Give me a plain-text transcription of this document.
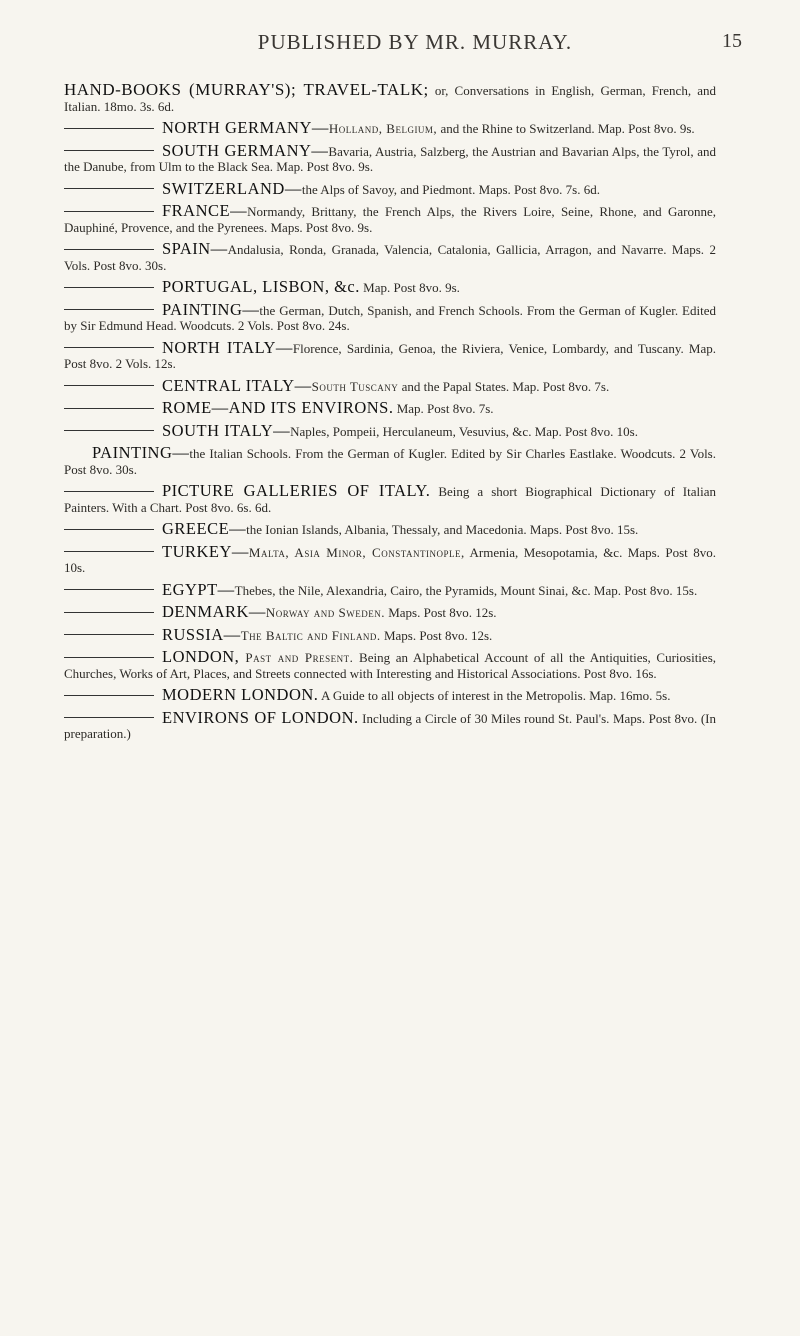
PUBLISHED BY MR. MURRAY.	15

HAND-BOOKS (MURRAY'S); TRAVEL-TALK; or, Conversations in English, German, French, and Italian. 18mo. 3s. 6d.

NORTH GERMANY—Holland, Belgium, and the Rhine to Switzerland. Map. Post 8vo. 9s.

SOUTH GERMANY—Bavaria, Austria, Salzberg, the Austrian and Bavarian Alps, the Tyrol, and the Danube, from Ulm to the Black Sea. Map. Post 8vo. 9s.

SWITZERLAND—the Alps of Savoy, and Piedmont. Maps. Post 8vo. 7s. 6d.

FRANCE—Normandy, Brittany, the French Alps, the Rivers Loire, Seine, Rhone, and Garonne, Dauphiné, Provence, and the Pyrenees. Maps. Post 8vo. 9s.

SPAIN—Andalusia, Ronda, Granada, Valencia, Catalonia, Gallicia, Arragon, and Navarre. Maps. 2 Vols. Post 8vo. 30s.

PORTUGAL, LISBON, &c. Map. Post 8vo. 9s.

PAINTING—the German, Dutch, Spanish, and French Schools. From the German of Kugler. Edited by Sir Edmund Head. Woodcuts. 2 Vols. Post 8vo. 24s.

NORTH ITALY—Florence, Sardinia, Genoa, the Riviera, Venice, Lombardy, and Tuscany. Map. Post 8vo. 2 Vols. 12s.

CENTRAL ITALY—South Tuscany and the Papal States. Map. Post 8vo. 7s.

ROME—AND ITS ENVIRONS. Map. Post 8vo. 7s.

SOUTH ITALY—Naples, Pompeii, Herculaneum, Vesuvius, &c. Map. Post 8vo. 10s.

PAINTING—the Italian Schools. From the German of Kugler. Edited by Sir Charles Eastlake. Woodcuts. 2 Vols. Post 8vo. 30s.

PICTURE GALLERIES OF ITALY. Being a short Biographical Dictionary of Italian Painters. With a Chart. Post 8vo. 6s. 6d.

GREECE—the Ionian Islands, Albania, Thessaly, and Macedonia. Maps. Post 8vo. 15s.

TURKEY—Malta, Asia Minor, Constantinople, Armenia, Mesopotamia, &c. Maps. Post 8vo. 10s.

EGYPT—Thebes, the Nile, Alexandria, Cairo, the Pyramids, Mount Sinai, &c. Map. Post 8vo. 15s.

DENMARK—Norway and Sweden. Maps. Post 8vo. 12s.

RUSSIA—The Baltic and Finland. Maps. Post 8vo. 12s.

LONDON, Past and Present. Being an Alphabetical Account of all the Antiquities, Curiosities, Churches, Works of Art, Places, and Streets connected with Interesting and Historical Associations. Post 8vo. 16s.

MODERN LONDON. A Guide to all objects of interest in the Metropolis. Map. 16mo. 5s.

ENVIRONS OF LONDON. Including a Circle of 30 Miles round St. Paul's. Maps. Post 8vo. (In preparation.)
